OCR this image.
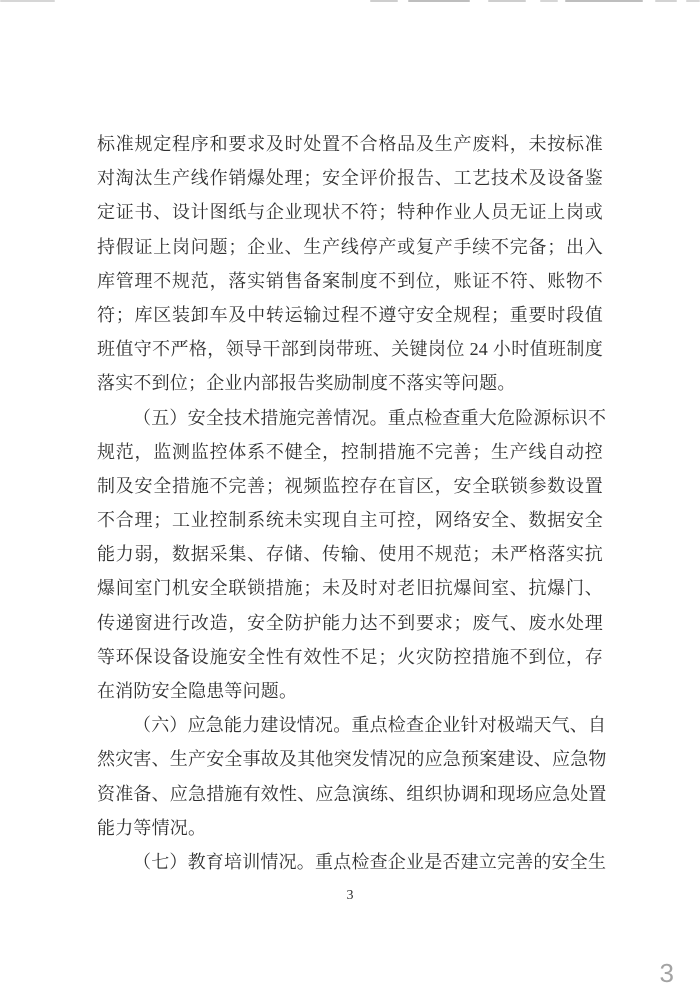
标准规定程序和要求及时处置不合格品及生产废料，未按标准
对淘汰生产线作销爆处理；安全评价报告、工艺技术及设备鉴
定证书、设计图纸与企业现状不符；特种作业人员无证上岗或
持假证上岗问题；企业、生产线停产或复产手续不完备；出入
库管理不规范，落实销售备案制度不到位，账证不符、账物不
符；库区装卸车及中转运输过程不遵守安全规程；重要时段值
班值守不严格，领导干部到岗带班、关键岗位 24 小时值班制度
落实不到位；企业内部报告奖励制度不落实等问题。
（五）安全技术措施完善情况。重点检查重大危险源标识不
规范，监测监控体系不健全，控制措施不完善；生产线自动控
制及安全措施不完善；视频监控存在盲区，安全联锁参数设置
不合理；工业控制系统未实现自主可控，网络安全、数据安全
能力弱，数据采集、存储、传输、使用不规范；未严格落实抗
爆间室门机安全联锁措施；未及时对老旧抗爆间室、抗爆门、
传递窗进行改造，安全防护能力达不到要求；废气、废水处理
等环保设备设施安全性有效性不足；火灾防控措施不到位，存
在消防安全隐患等问题。
（六）应急能力建设情况。重点检查企业针对极端天气、自
然灾害、生产安全事故及其他突发情况的应急预案建设、应急物
资准备、应急措施有效性、应急演练、组织协调和现场应急处置
能力等情况。
（七）教育培训情况。重点检查企业是否建立完善的安全生
3
3
